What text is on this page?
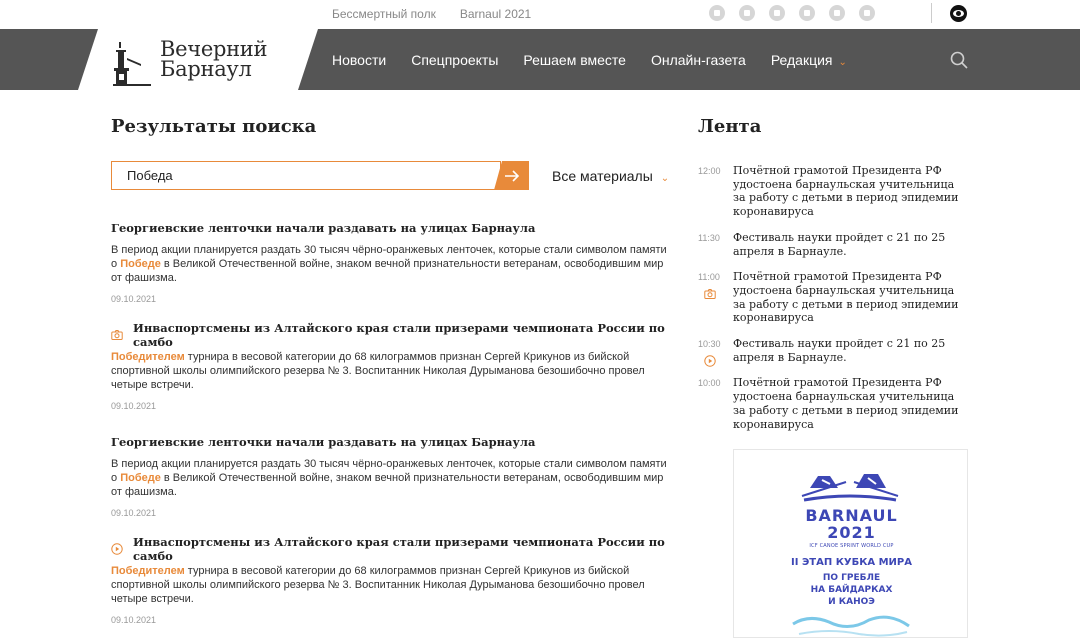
Бессмертный полк Barnaul 2021
Вечерний
Барнаул	Новости Спецпроекты Решаем вместе Онлайн-газета Редакция ⌄
Результаты поиска
Победа
Все материалы ⌄
Георгиевские ленточки начали раздавать на улицах Барнаула
В период акции планируется раздать 30 тысяч чёрно-оранжевых ленточек, которые стали символом памяти о Победе в Великой Отечественной войне, знаком вечной признательности ветеранам, освободившим мир от фашизма.
09.10.2021
Инваспортсмены из Алтайского края стали призерами чемпионата России по самбо
Победителем турнира в весовой категории до 68 килограммов признан Сергей Крикунов из бийской спортивной школы олимпийского резерва № 3. Воспитанник Николая Дурыманова безошибочно провел четыре встречи.
09.10.2021
Георгиевские ленточки начали раздавать на улицах Барнаула
В период акции планируется раздать 30 тысяч чёрно-оранжевых ленточек, которые стали символом памяти о Победе в Великой Отечественной войне, знаком вечной признательности ветеранам, освободившим мир от фашизма.
09.10.2021
Инваспортсмены из Алтайского края стали призерами чемпионата России по самбо
Победителем турнира в весовой категории до 68 килограммов признан Сергей Крикунов из бийской спортивной школы олимпийского резерва № 3. Воспитанник Николая Дурыманова безошибочно провел четыре встречи.
09.10.2021
Лента
12:00	Почётной грамотой Президента РФ удостоена барнаульская учительница за работу с детьми в период эпидемии коронавируса
11:30	Фестиваль науки пройдет с 21 по 25 апреля в Барнауле.
11:00	Почётной грамотой Президента РФ удостоена барнаульская учительница за работу с детьми в период эпидемии коронавируса
10:30	Фестиваль науки пройдет с 21 по 25 апреля в Барнауле.
10:00	Почётной грамотой Президента РФ удостоена барнаульская учительница за работу с детьми в период эпидемии коронавируса
BARNAUL
2021
ICF CANOE SPRINT WORLD CUP
II ЭТАП КУБКА МИРА
ПО ГРЕБЛЕ
НА БАЙДАРКАХ
И КАНОЭ
